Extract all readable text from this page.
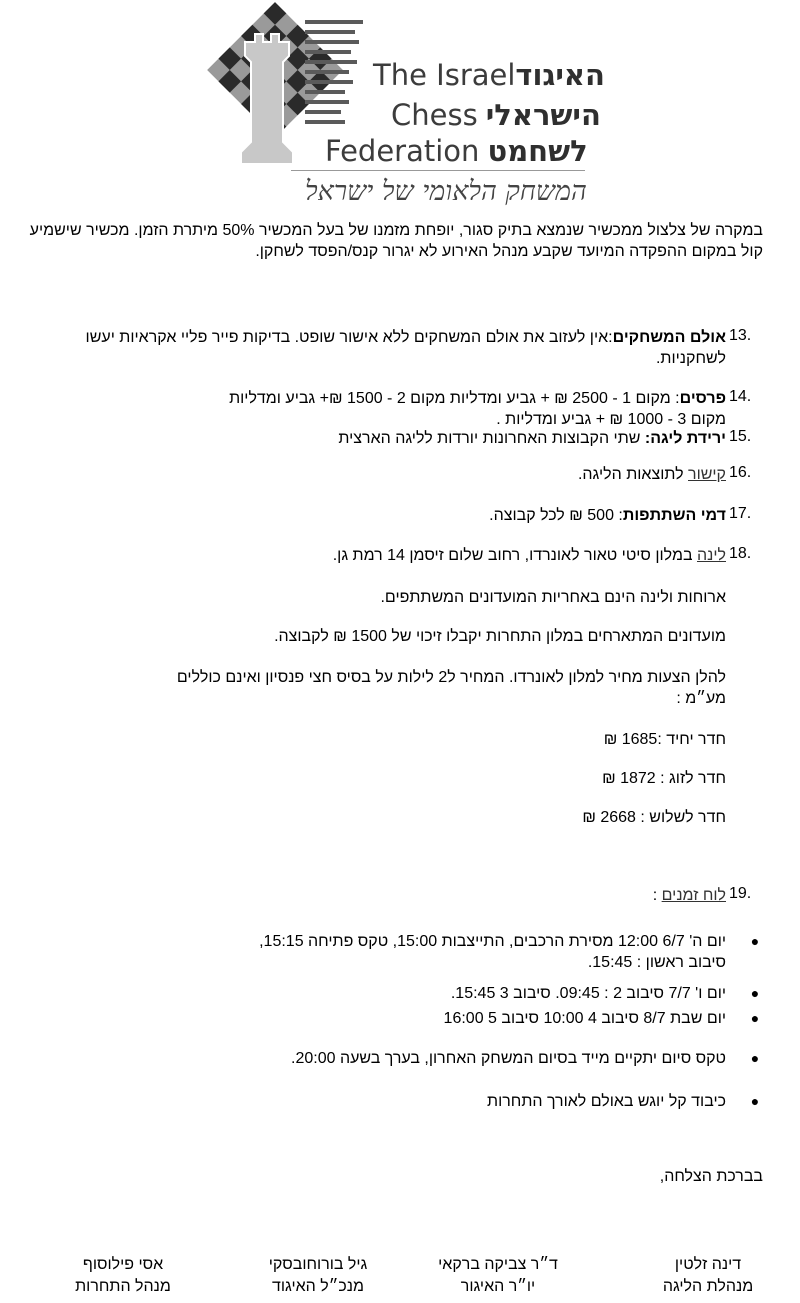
The Israelהאיגוד
Chess הישראלי
Federation לשחמט
המשחק הלאומי של ישראל
במקרה של צלצול ממכשיר שנמצא בתיק סגור, יופחת מזמנו של בעל המכשיר 50% מיתרת הזמן. מכשיר שישמיע קול במקום ההפקדה המיועד שקבע מנהל האירוע לא יגרור קנס/הפסד לשחקן.
13.
אולם המשחקים:אין לעזוב את אולם המשחקים ללא אישור שופט. בדיקות פייר פליי אקראיות יעשו לשחקניות.
14.
פרסים: מקום 1 - 2500 ₪ + גביע ומדליות מקום 2 - 1500 ₪+ גביע ומדליות
מקום 3 - 1000 ₪ + גביע ומדליות .
15.
ירידת ליגה: שתי הקבוצות האחרונות יורדות לליגה הארצית
16.
קישור לתוצאות הליגה.
17.
דמי השתתפות: 500 ₪ לכל קבוצה.
18.
לינה במלון סיטי טאור לאונרדו, רחוב שלום זיסמן 14 רמת גן.
ארוחות ולינה הינם באחריות המועדונים המשתתפים.
מועדונים המתארחים במלון התחרות יקבלו זיכוי של 1500 ₪ לקבוצה.
להלן הצעות מחיר למלון לאונרדו. המחיר ל2 לילות על בסיס חצי פנסיון ואינם כוללים מע״מ :
חדר יחיד :1685 ₪
חדר לזוג : 1872 ₪
חדר לשלוש : 2668 ₪
19.
לוח זמנים :
●
יום ה' 6/7 12:00 מסירת הרכבים, התייצבות 15:00, טקס פתיחה 15:15,
סיבוב ראשון : 15:45.
●
יום ו' 7/7 סיבוב 2 : 09:45. סיבוב 3 15:45.
●
יום שבת 8/7 סיבוב 4 10:00 סיבוב 5 16:00
●
טקס סיום יתקיים מייד בסיום המשחק האחרון, בערך בשעה 20:00.
●
כיבוד קל יוגש באולם לאורך התחרות
בברכת הצלחה,
דינה זלטין
מנהלת הליגה
ד״ר צביקה ברקאי
יו״ר האיגור
גיל בורוחובסקי
מנכ״ל האיגוד
אסי פילוסוף
מנהל התחרות
